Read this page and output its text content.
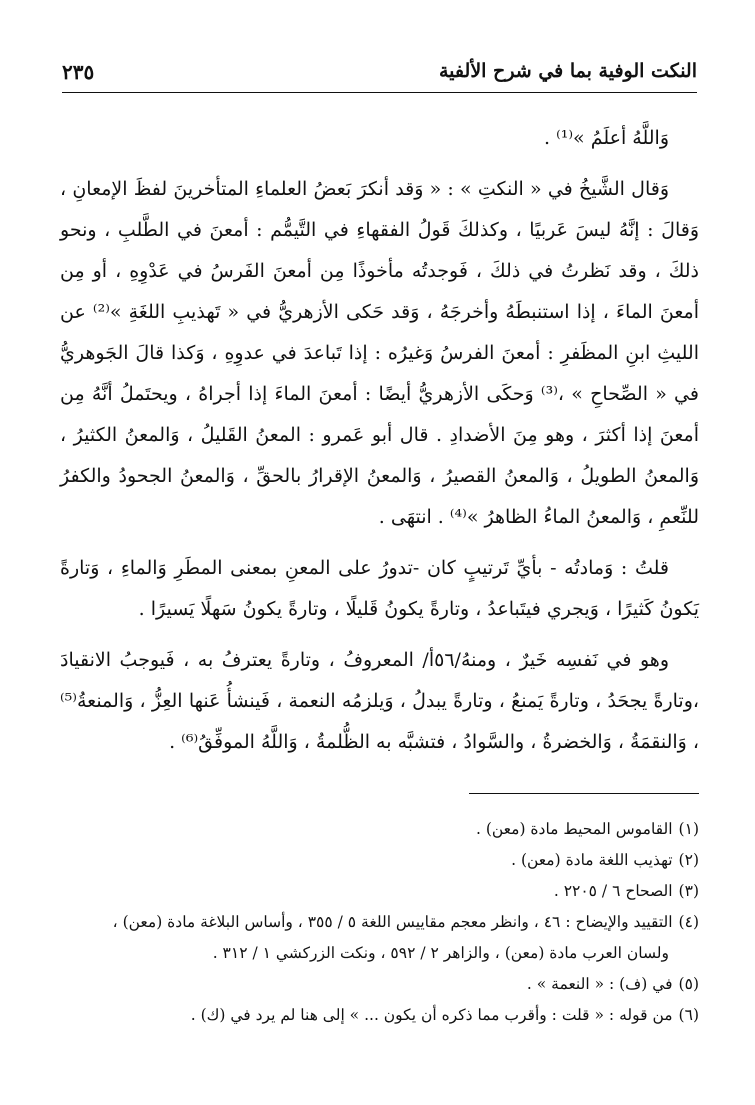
النكت الوفية بما في شرح الألفية
٢٣٥

وَاللَّهُ أعلَمُ »⁽¹⁾ .

وَقال الشَّيخُ في « النكتِ » : « وَقد أنكرَ بَعضُ العلماءِ المتأخرينَ لفظَ الإمعانِ ، وَقالَ : إنَّهُ ليسَ عَربيًا ، وكذلكَ قَولُ الفقهاءِ في التَّيمُّم : أمعنَ في الطَّلبِ ، ونحو ذلكَ ، وقد نَظرتُ في ذلكَ ، فَوجدتُه مأخوذًا مِن أمعنَ الفَرسُ في عَدْوِهِ ، أو مِن أمعنَ الماءَ ، إذا استنبطَهُ وأخرجَهُ ، وَقد حَكى الأزهريُّ في « تَهذيبِ اللغَةِ »⁽²⁾ عن الليثِ ابنِ المظَفرِ : أمعنَ الفرسُ وَغيرُه : إذا تَباعدَ في عدوِهِ ، وَكذا قالَ الجَوهريُّ في « الصِّحاحِ » ،⁽³⁾ وَحكَى الأزهريُّ أيضًا : أمعنَ الماءَ إذا أجراهُ ، ويحتَملُ أنَّهُ مِن أمعنَ إذا أكثرَ ، وهو مِنَ الأضدادِ . قال أبو عَمرو : المعنُ القَليلُ ، وَالمعنُ الكثيرُ ، وَالمعنُ الطويلُ ، وَالمعنُ القصيرُ ، وَالمعنُ الإقرارُ بالحقِّ ، وَالمعنُ الجحودُ والكفرُ للنِّعمِ ، وَالمعنُ الماءُ الظاهرُ »⁽⁴⁾ . انتهَى .

قلتُ : وَمادتُه - بأيِّ تَرتيبٍ كان -تدورُ على المعنِ بمعنى المطَرِ وَالماءِ ، وَتارةً يَكونُ كَثيرًا ، وَيجري فيتَباعدُ ، وتارةً يكونُ قَليلًا ، وتارةً يكونُ سَهلًا يَسيرًا .

وهو في نَفسِه خَيرٌ ، ومنهُ/٥٦أ/ المعروفُ ، وتارةً يعترفُ به ، فَيوجبُ الانقيادَ ،وتارةً يجحَدُ ، وتارةً يَمنعُ ، وتارةً يبدلُ ، وَيلزمُه النعمة ، فَينشأُ عَنها العِزُّ ، وَالمنعةُ⁽⁵⁾ ، وَالنقمَةُ ، وَالخضرةُ ، والسَّوادُ ، فتشبَّه به الظُّلمةُ ، وَاللَّهُ الموفِّقُ⁽⁶⁾ .

(١)القاموس المحيط مادة (معن) .

(٢)تهذيب اللغة مادة (معن) .

(٣)الصحاح ٦ / ٢٢٠٥ .

(٤)التقييد والإيضاح : ٤٦ ، وانظر معجم مقاييس اللغة ٥ / ٣٥٥ ، وأساس البلاغة مادة (معن) ،

ولسان العرب مادة (معن) ، والزاهر ٢ / ٥٩٢ ، ونكت الزركشي ١ / ٣١٢ .

(٥)في (ف) : « النعمة » .

(٦)من قوله : « قلت : وأقرب مما ذكره أن يكون ... » إلى هنا لم يرد في (ك) .
